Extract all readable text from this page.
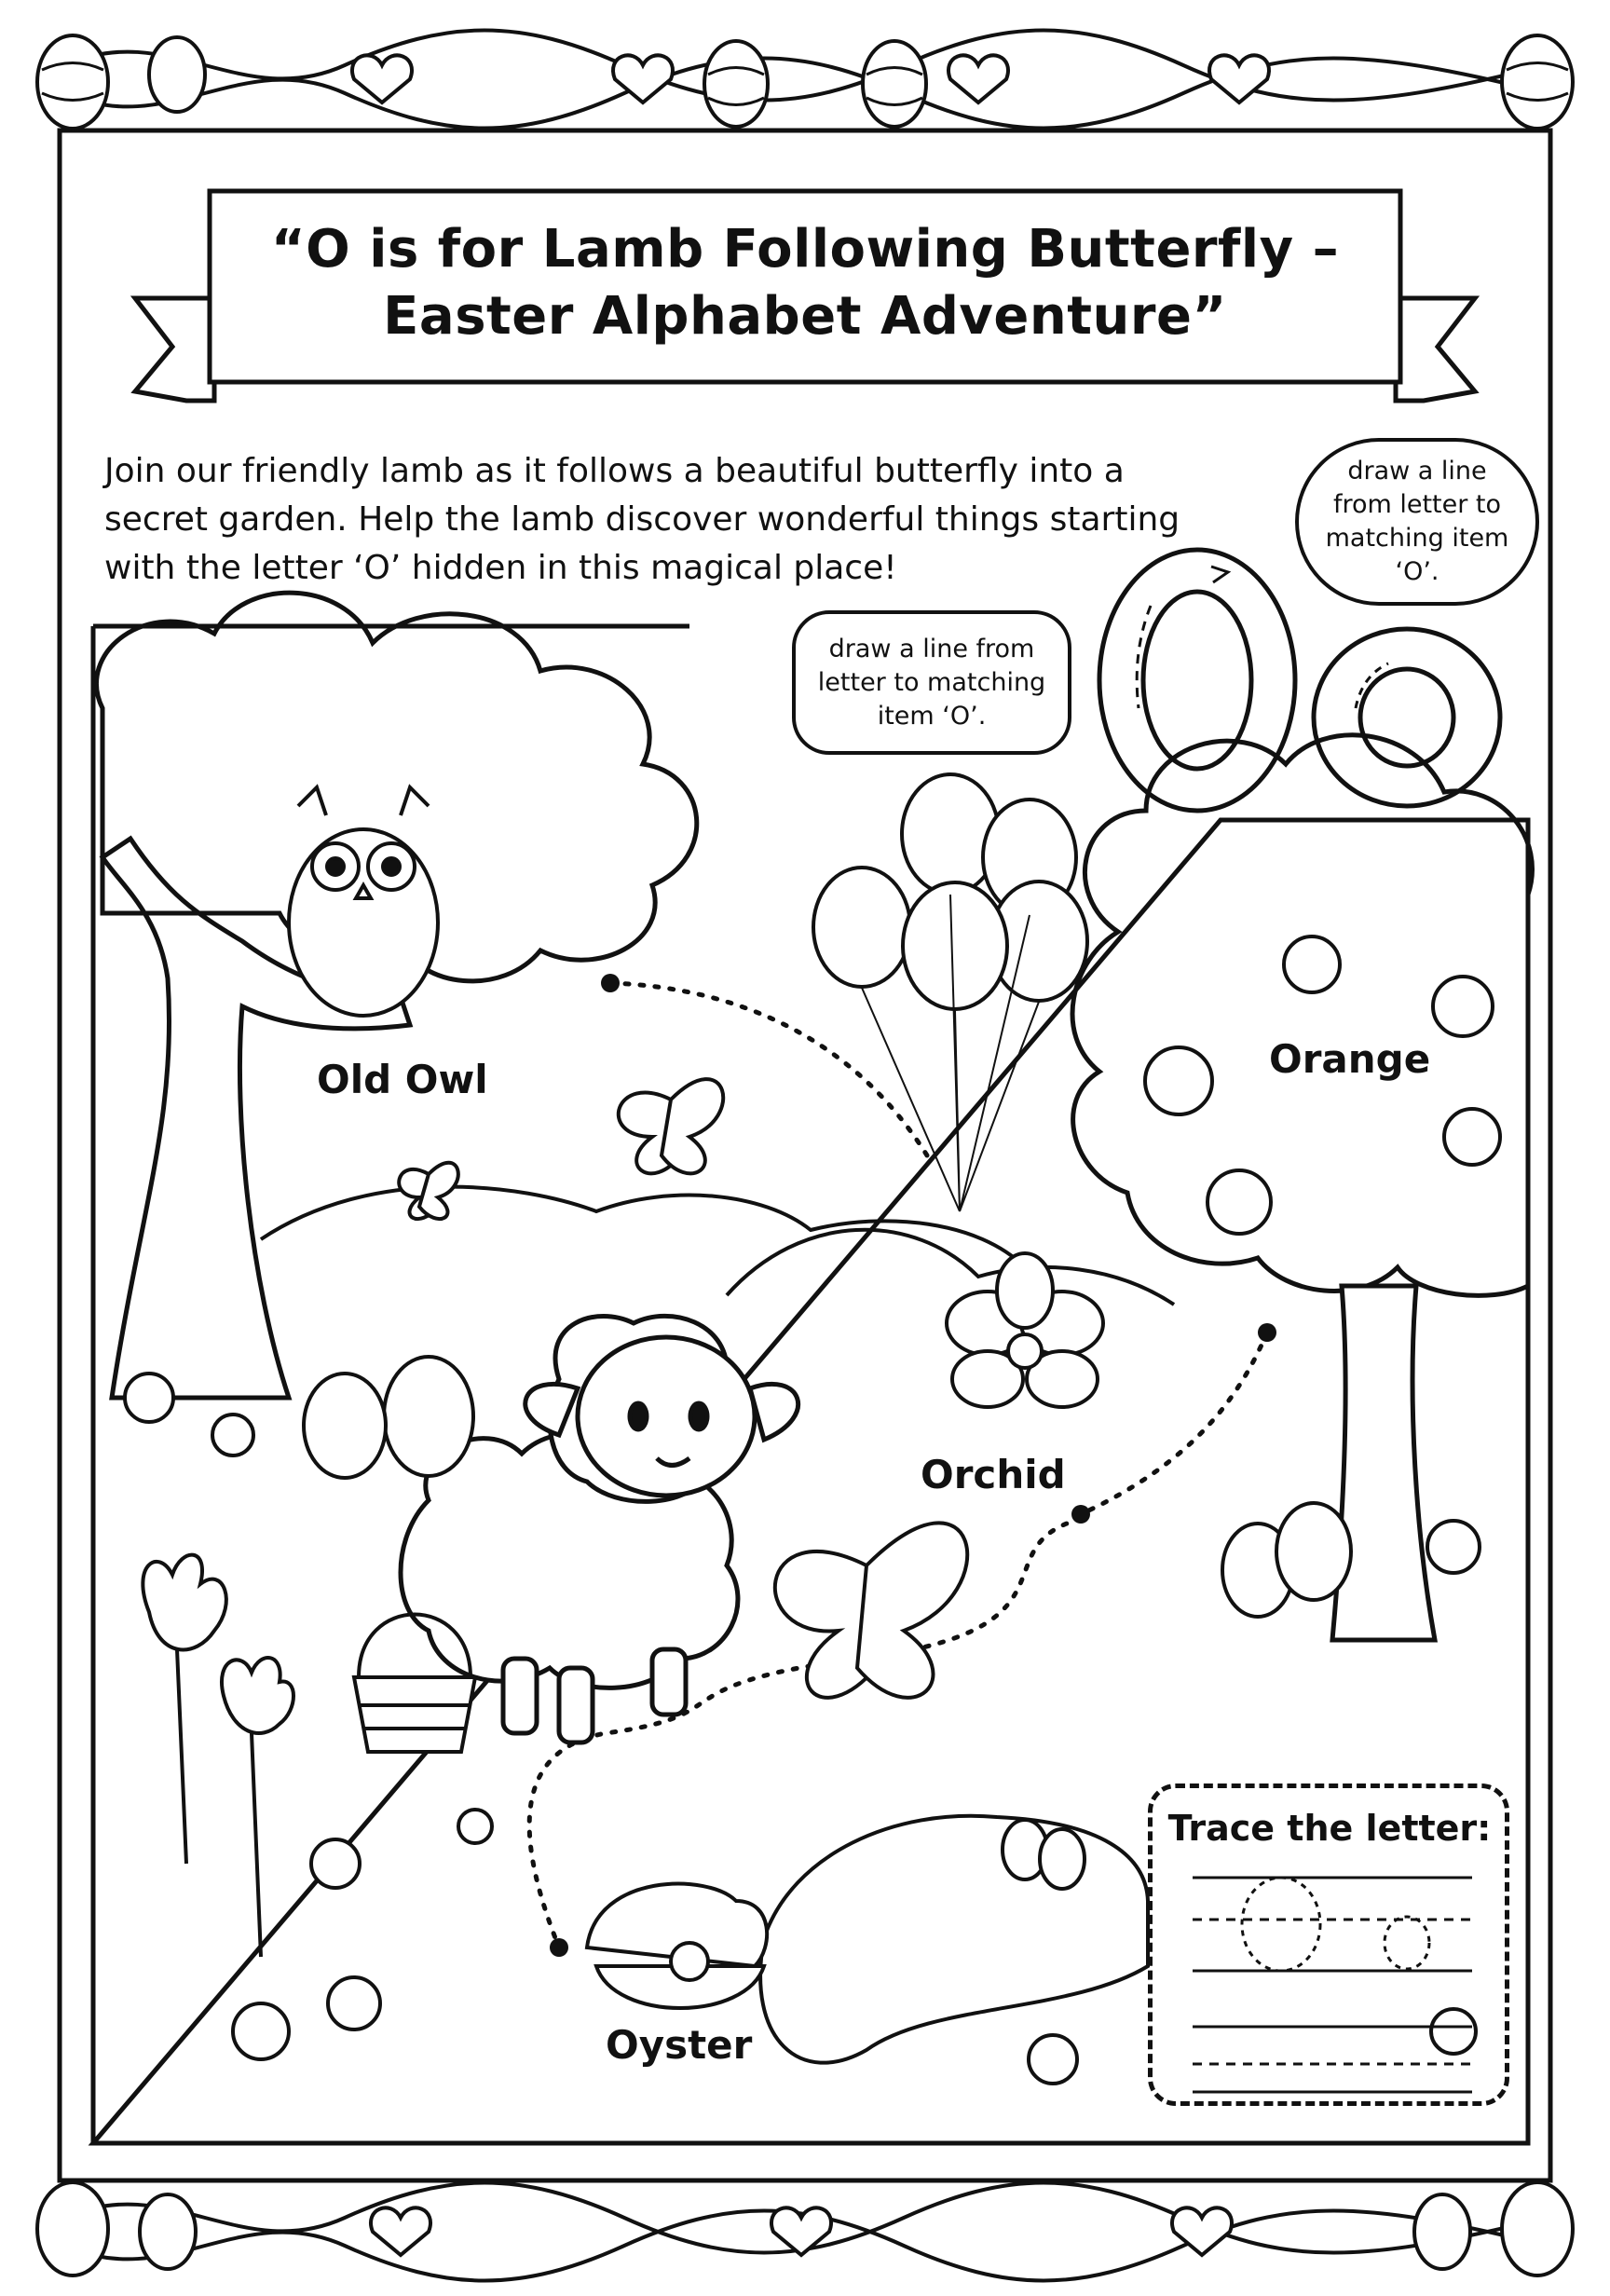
“O is for Lamb Following Butterfly –
Easter Alphabet Adventure”
Join our friendly lamb as it follows a beautiful butterfly into a secret garden. Help the lamb discover wonderful things starting with the letter ‘O’ hidden in this magical place!
draw a line from letter to matching item ‘O’.
draw a line from letter to matching item ‘O’.
Old Owl	Orange
Orchid
Oyster
Trace the letter:
